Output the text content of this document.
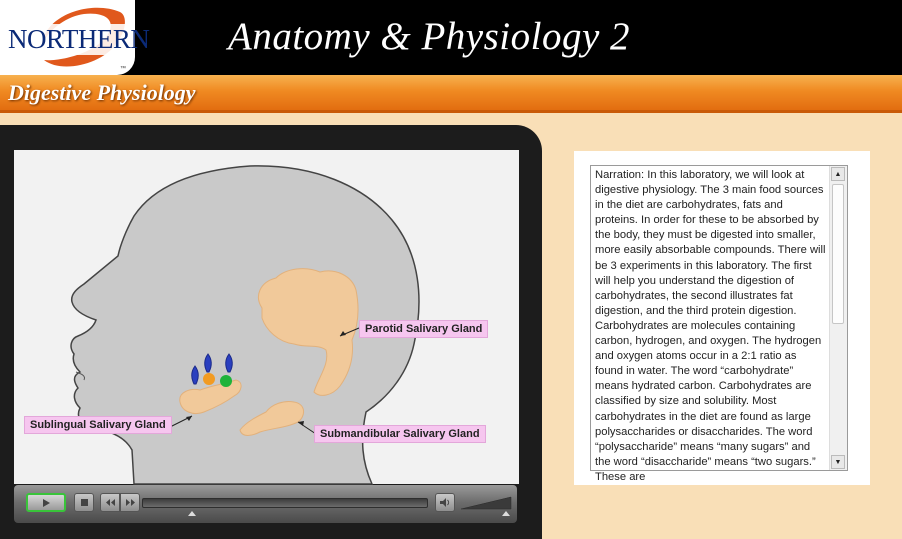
NORTHERN
™
Anatomy & Physiology 2
Digestive Physiology
Parotid Salivary Gland
Sublingual Salivary Gland
Submandibular Salivary Gland
Narration: In this laboratory, we will look at digestive physiology. The 3 main food sources in the diet are carbohydrates, fats and proteins. In order for these to be absorbed by the body, they must be digested into smaller, more easily absorbable compounds. There will be 3 experiments in this laboratory. The first will help you understand the digestion of carbohydrates, the second illustrates fat digestion, and the third protein digestion. Carbohydrates are molecules containing carbon, hydrogen, and oxygen. The hydrogen and oxygen atoms occur in a 2:1 ratio as found in water. The word “carbohydrate” means hydrated carbon. Carbohydrates are classified by size and solubility. Most carbohydrates in the diet are found as large polysaccharides or disaccharides. The word “polysaccharide” means “many sugars” and the word “disaccharide” means “two sugars.” These are
▲
▼
